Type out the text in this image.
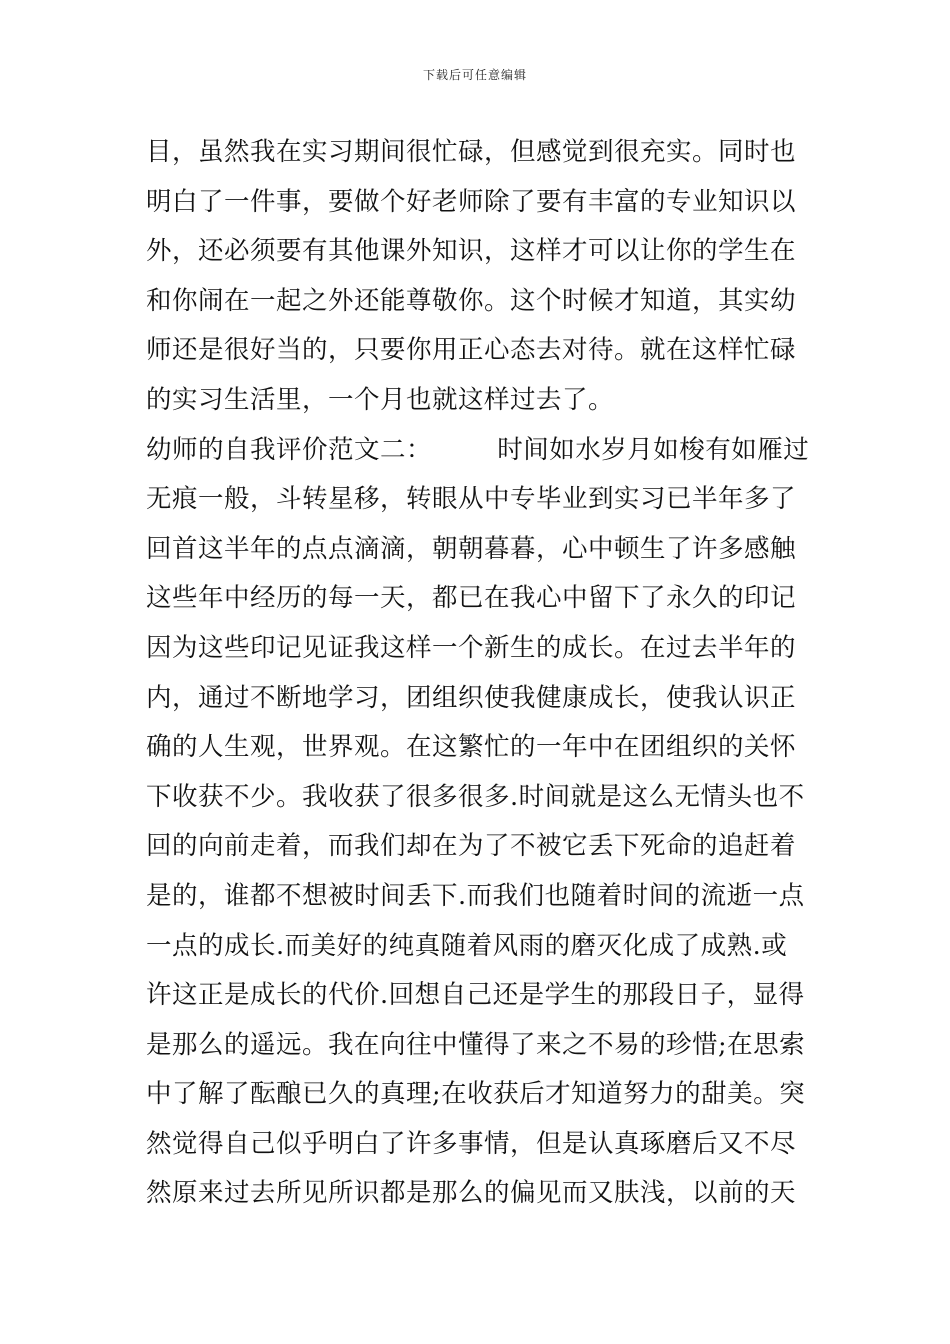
下载后可任意编辑
目，虽然我在实习期间很忙碌，但感觉到很充实。同时也
明白了一件事，要做个好老师除了要有丰富的专业知识以
外，还必须要有其他课外知识，这样才可以让你的学生在
和你闹在一起之外还能尊敬你。这个时候才知道，其实幼
师还是很好当的，只要你用正心态去对待。就在这样忙碌
的实习生活里，一个月也就这样过去了。
幼师的自我评价范文二：　　　时间如水岁月如梭有如雁过
无痕一般，斗转星移，转眼从中专毕业到实习已半年多了
回首这半年的点点滴滴，朝朝暮暮，心中顿生了许多感触
这些年中经历的每一天，都已在我心中留下了永久的印记
因为这些印记见证我这样一个新生的成长。在过去半年的
内，通过不断地学习，团组织使我健康成长，使我认识正
确的人生观，世界观。在这繁忙的一年中在团组织的关怀
下收获不少。我收获了很多很多.时间就是这么无情头也不
回的向前走着，而我们却在为了不被它丢下死命的追赶着
是的，谁都不想被时间丢下.而我们也随着时间的流逝一点
一点的成长.而美好的纯真随着风雨的磨灭化成了成熟.或
许这正是成长的代价.回想自己还是学生的那段日子，显得
是那么的遥远。我在向往中懂得了来之不易的珍惜;在思索
中了解了酝酿已久的真理;在收获后才知道努力的甜美。突
然觉得自己似乎明白了许多事情，但是认真琢磨后又不尽
然原来过去所见所识都是那么的偏见而又肤浅，以前的天
